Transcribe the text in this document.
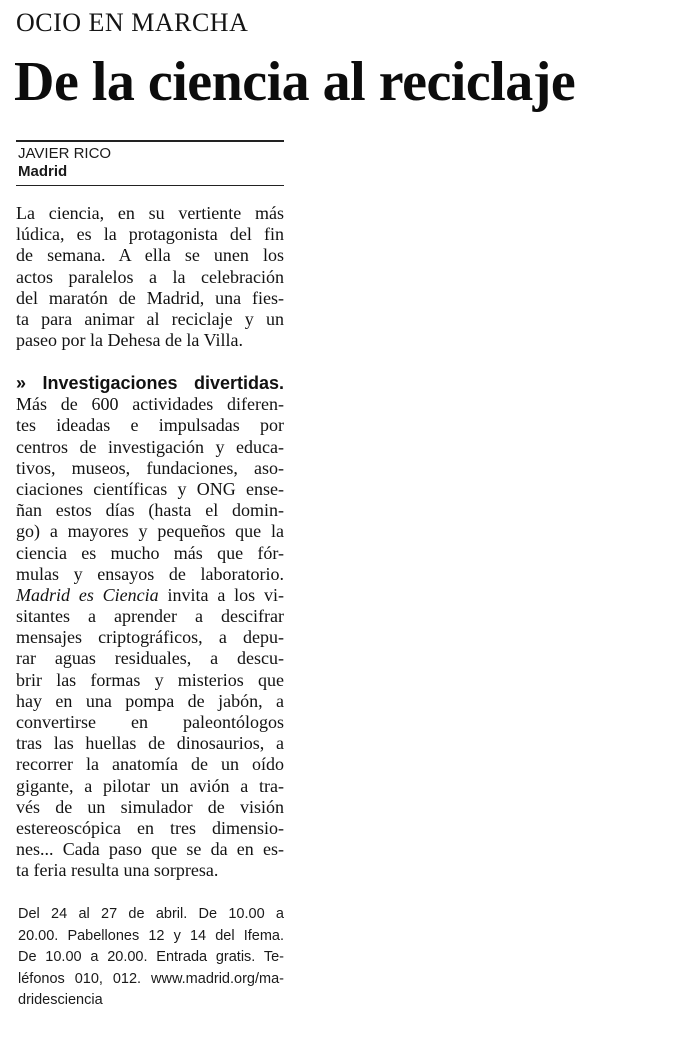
OCIO EN MARCHA
De la ciencia al reciclaje
JAVIER RICO
Madrid
La ciencia, en su vertiente más
lúdica, es la protagonista del fin
de semana. A ella se unen los
actos paralelos a la celebración
del maratón de Madrid, una fies-
ta para animar al reciclaje y un
paseo por la Dehesa de la Villa.
» Investigaciones divertidas.
Más de 600 actividades diferen-
tes ideadas e impulsadas por
centros de investigación y educa-
tivos, museos, fundaciones, aso-
ciaciones científicas y ONG ense-
ñan estos días (hasta el domin-
go) a mayores y pequeños que la
ciencia es mucho más que fór-
mulas y ensayos de laboratorio.
Madrid es Ciencia invita a los vi-
sitantes a aprender a descifrar
mensajes criptográficos, a depu-
rar aguas residuales, a descu-
brir las formas y misterios que
hay en una pompa de jabón, a
convertirse en paleontólogos
tras las huellas de dinosaurios, a
recorrer la anatomía de un oído
gigante, a pilotar un avión a tra-
vés de un simulador de visión
estereoscópica en tres dimensio-
nes... Cada paso que se da en es-
ta feria resulta una sorpresa.
Del 24 al 27 de abril. De 10.00 a
20.00. Pabellones 12 y 14 del Ifema.
De 10.00 a 20.00. Entrada gratis. Te-
léfonos 010, 012. www.madrid.org/ma-
dridesciencia
